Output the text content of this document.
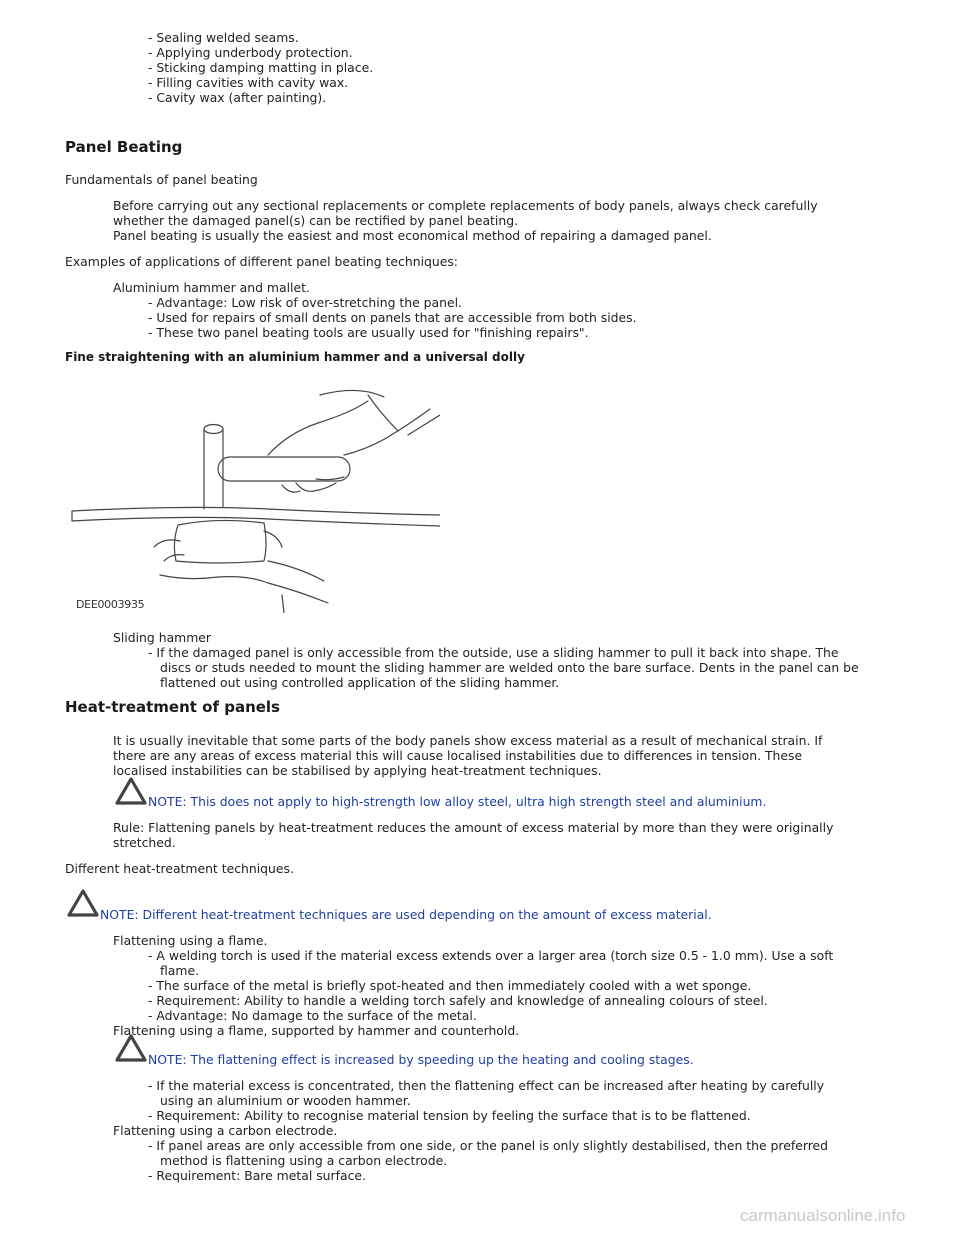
- Sealing welded seams.
- Applying underbody protection.
- Sticking damping matting in place.
- Filling cavities with cavity wax.
- Cavity wax (after painting).
Panel Beating
Fundamentals of panel beating
Before carrying out any sectional replacements or complete replacements of body panels, always check carefully
whether the damaged panel(s) can be rectified by panel beating.
Panel beating is usually the easiest and most economical method of repairing a damaged panel.
Examples of applications of different panel beating techniques:
Aluminium hammer and mallet.
- Advantage: Low risk of over-stretching the panel.
- Used for repairs of small dents on panels that are accessible from both sides.
- These two panel beating tools are usually used for "finishing repairs".
Fine straightening with an aluminium hammer and a universal dolly
DEE0003935
Sliding hammer
- If the damaged panel is only accessible from the outside, use a sliding hammer to pull it back into shape. The
discs or studs needed to mount the sliding hammer are welded onto the bare surface. Dents in the panel can be
flattened out using controlled application of the sliding hammer.
Heat-treatment of panels
It is usually inevitable that some parts of the body panels show excess material as a result of mechanical strain. If
there are any areas of excess material this will cause localised instabilities due to differences in tension. These
localised instabilities can be stabilised by applying heat-treatment techniques.
NOTE: This does not apply to high-strength low alloy steel, ultra high strength steel and aluminium.
Rule: Flattening panels by heat-treatment reduces the amount of excess material by more than they were originally
stretched.
Different heat-treatment techniques.
NOTE: Different heat-treatment techniques are used depending on the amount of excess material.
Flattening using a flame.
- A welding torch is used if the material excess extends over a larger area (torch size 0.5 - 1.0 mm). Use a soft
flame.
- The surface of the metal is briefly spot-heated and then immediately cooled with a wet sponge.
- Requirement: Ability to handle a welding torch safely and knowledge of annealing colours of steel.
- Advantage: No damage to the surface of the metal.
Flattening using a flame, supported by hammer and counterhold.
NOTE: The flattening effect is increased by speeding up the heating and cooling stages.
- If the material excess is concentrated, then the flattening effect can be increased after heating by carefully
using an aluminium or wooden hammer.
- Requirement: Ability to recognise material tension by feeling the surface that is to be flattened.
Flattening using a carbon electrode.
- If panel areas are only accessible from one side, or the panel is only slightly destabilised, then the preferred
method is flattening using a carbon electrode.
- Requirement: Bare metal surface.
carmanualsonline.info
